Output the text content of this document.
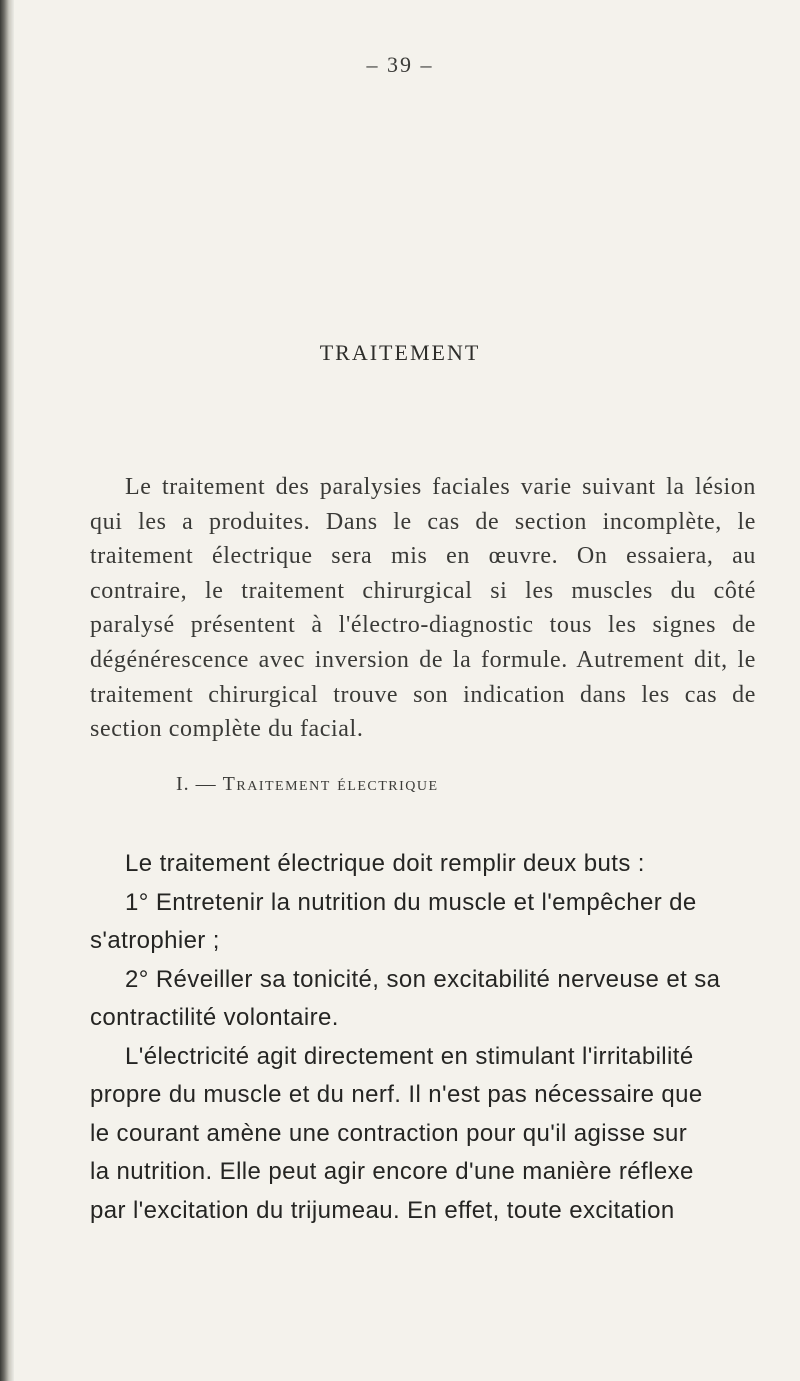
– 39 –
TRAITEMENT

Le traitement des paralysies faciales varie suivant la lésion qui les a produites. Dans le cas de section incomplète, le traitement électrique sera mis en œuvre. On essaiera, au contraire, le traitement chirurgical si les muscles du côté paralysé présentent à l'électro-diagnostic tous les signes de dégénérescence avec inversion de la formule. Autrement dit, le traitement chirurgical trouve son indication dans les cas de section complète du facial.

I. — Traitement électrique
Le traitement électrique doit remplir deux buts :
1° Entretenir la nutrition du muscle et l'empêcher de
s'atrophier ;
2° Réveiller sa tonicité, son excitabilité nerveuse et sa
contractilité volontaire.
L'électricité agit directement en stimulant l'irritabilité
propre du muscle et du nerf. Il n'est pas nécessaire que
le courant amène une contraction pour qu'il agisse sur
la nutrition. Elle peut agir encore d'une manière réflexe
par l'excitation du trijumeau. En effet, toute excitation
